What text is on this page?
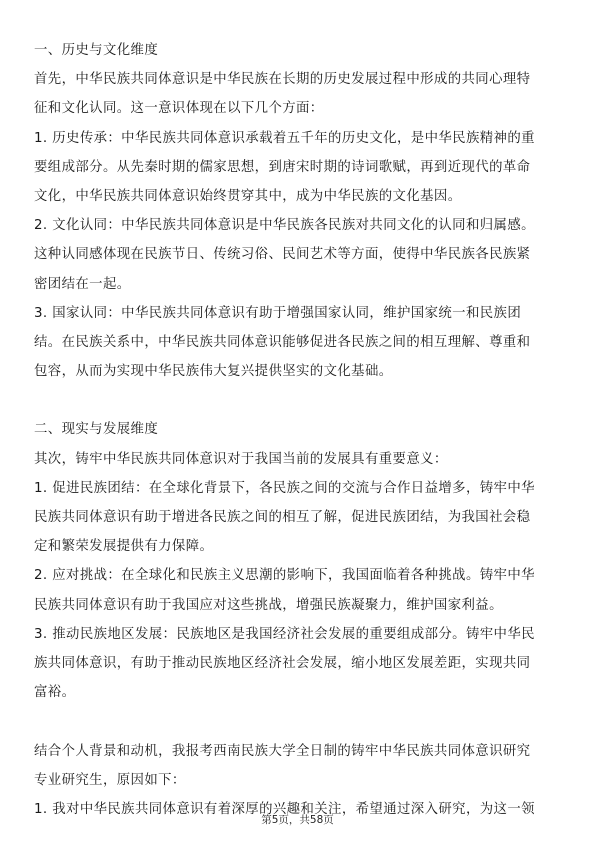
一、历史与文化维度
首先，中华民族共同体意识是中华民族在长期的历史发展过程中形成的共同心理特
征和文化认同。这一意识体现在以下几个方面：
1. 历史传承：中华民族共同体意识承载着五千年的历史文化，是中华民族精神的重
要组成部分。从先秦时期的儒家思想，到唐宋时期的诗词歌赋，再到近现代的革命
文化，中华民族共同体意识始终贯穿其中，成为中华民族的文化基因。
2. 文化认同：中华民族共同体意识是中华民族各民族对共同文化的认同和归属感。
这种认同感体现在民族节日、传统习俗、民间艺术等方面，使得中华民族各民族紧
密团结在一起。
3. 国家认同：中华民族共同体意识有助于增强国家认同，维护国家统一和民族团
结。在民族关系中，中华民族共同体意识能够促进各民族之间的相互理解、尊重和
包容，从而为实现中华民族伟大复兴提供坚实的文化基础。
二、现实与发展维度
其次，铸牢中华民族共同体意识对于我国当前的发展具有重要意义：
1. 促进民族团结：在全球化背景下，各民族之间的交流与合作日益增多，铸牢中华
民族共同体意识有助于增进各民族之间的相互了解，促进民族团结，为我国社会稳
定和繁荣发展提供有力保障。
2. 应对挑战：在全球化和民族主义思潮的影响下，我国面临着各种挑战。铸牢中华
民族共同体意识有助于我国应对这些挑战，增强民族凝聚力，维护国家利益。
3. 推动民族地区发展：民族地区是我国经济社会发展的重要组成部分。铸牢中华民
族共同体意识，有助于推动民族地区经济社会发展，缩小地区发展差距，实现共同
富裕。
结合个人背景和动机，我报考西南民族大学全日制的铸牢中华民族共同体意识研究
专业研究生，原因如下：
1. 我对中华民族共同体意识有着深厚的兴趣和关注，希望通过深入研究，为这一领
第5页，共58页
